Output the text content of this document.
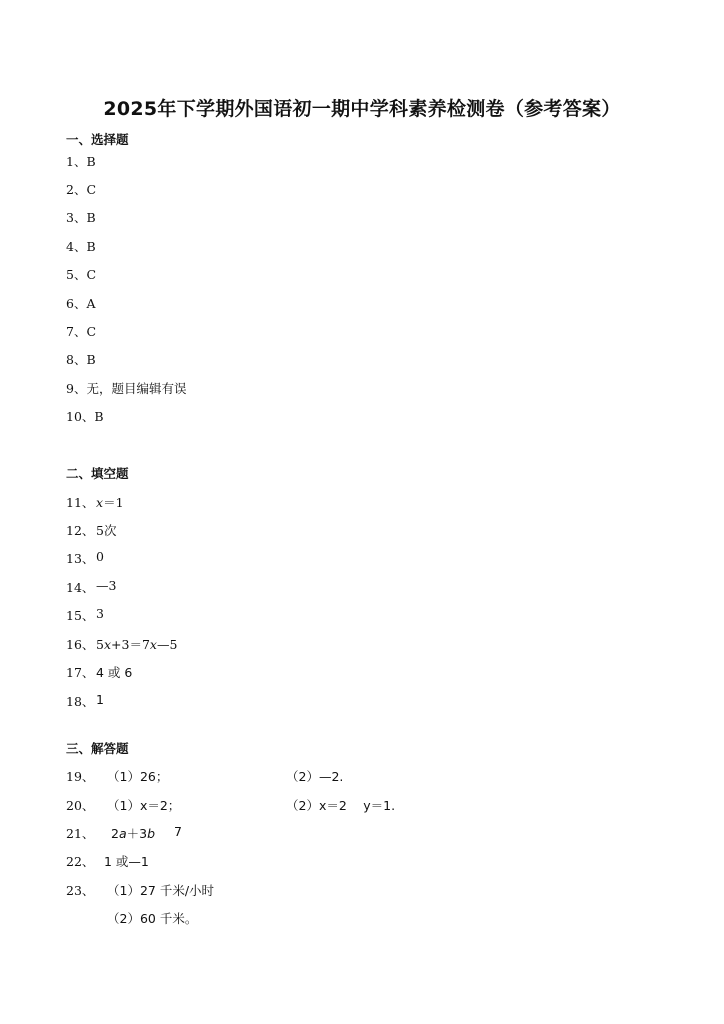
2025年下学期外国语初一期中学科素养检测卷（参考答案）
一、选择题
1、B
2、C
3、B
4、B
5、C
6、A
7、C
8、B
9、无，题目编辑有误
10、B
二、填空题
11、 x＝1
12、 5次
13、 0
14、 —3
15、 3
16、 5x+3＝7x—5
17、 4 或 6
18、 1
三、解答题
19、 （1）26；	（2）—2.
20、 （1）x＝2；	（2）x＝2　 y＝1.
21、 2a＋3b 7
22、 1 或—1
23、 （1）27 千米/小时
（2）60 千米。
